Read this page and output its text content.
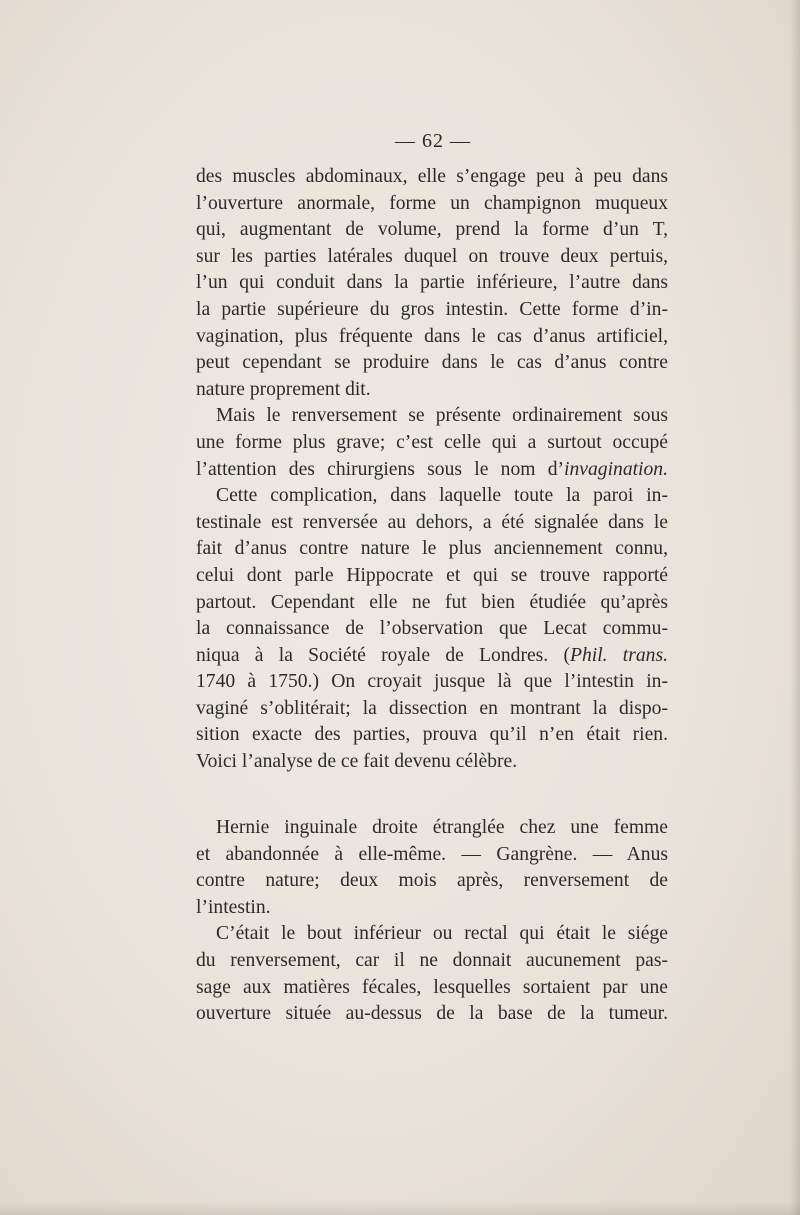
— 62 —
des muscles abdominaux, elle s’engage peu à peu dans
l’ouverture anormale, forme un champignon muqueux
qui, augmentant de volume, prend la forme d’un T,
sur les parties latérales duquel on trouve deux pertuis,
l’un qui conduit dans la partie inférieure, l’autre dans
la partie supérieure du gros intestin. Cette forme d’in-
vagination, plus fréquente dans le cas d’anus artificiel,
peut cependant se produire dans le cas d’anus contre
nature proprement dit.
Mais le renversement se présente ordinairement sous
une forme plus grave; c’est celle qui a surtout occupé
l’attention des chirurgiens sous le nom d’invagination.
Cette complication, dans laquelle toute la paroi in-
testinale est renversée au dehors, a été signalée dans le
fait d’anus contre nature le plus anciennement connu,
celui dont parle Hippocrate et qui se trouve rapporté
partout. Cependant elle ne fut bien étudiée qu’après
la connaissance de l’observation que Lecat commu-
niqua à la Société royale de Londres. (Phil. trans.
1740 à 1750.) On croyait jusque là que l’intestin in-
vaginé s’oblitérait; la dissection en montrant la dispo-
sition exacte des parties, prouva qu’il n’en était rien.
Voici l’analyse de ce fait devenu célèbre.
Hernie inguinale droite étranglée chez une femme
et abandonnée à elle-même. — Gangrène. — Anus
contre nature; deux mois après, renversement de
l’intestin.
C’était le bout inférieur ou rectal qui était le siége
du renversement, car il ne donnait aucunement pas-
sage aux matières fécales, lesquelles sortaient par une
ouverture située au-dessus de la base de la tumeur.
